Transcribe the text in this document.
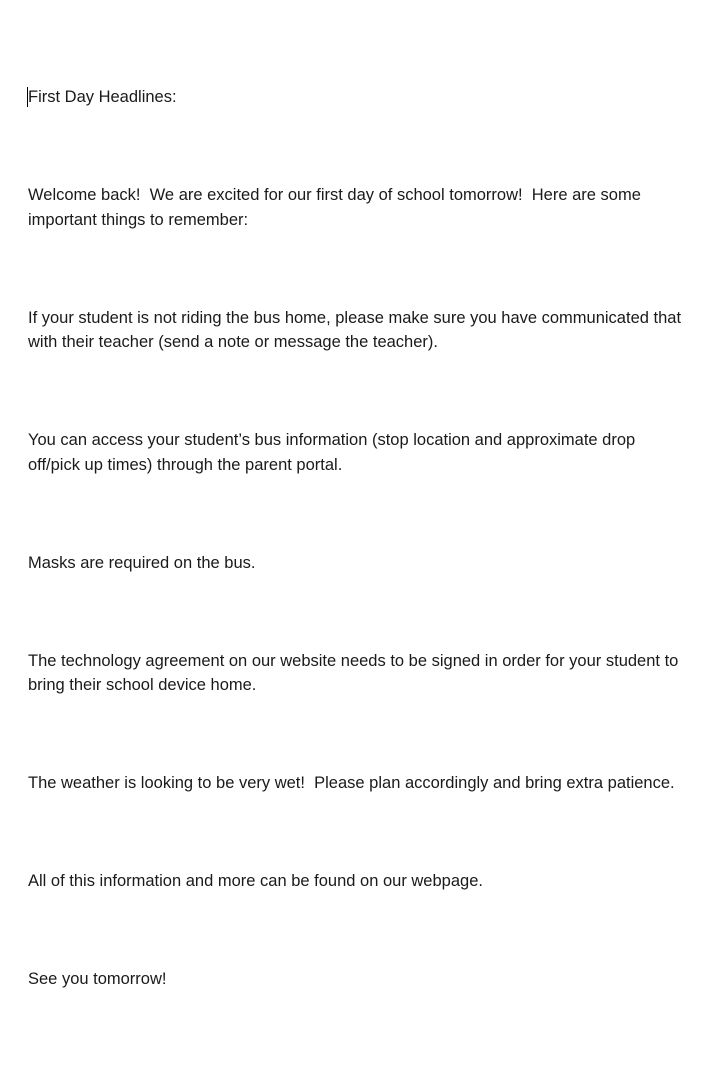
First Day Headlines:

Welcome back!  We are excited for our first day of school tomorrow!  Here are some important things to remember:

If your student is not riding the bus home, please make sure you have communicated that with their teacher (send a note or message the teacher).

You can access your student’s bus information (stop location and approximate drop off/pick up times) through the parent portal.

Masks are required on the bus.

The technology agreement on our website needs to be signed in order for your student to bring their school device home.

The weather is looking to be very wet!  Please plan accordingly and bring extra patience.

All of this information and more can be found on our webpage.

See you tomorrow!
